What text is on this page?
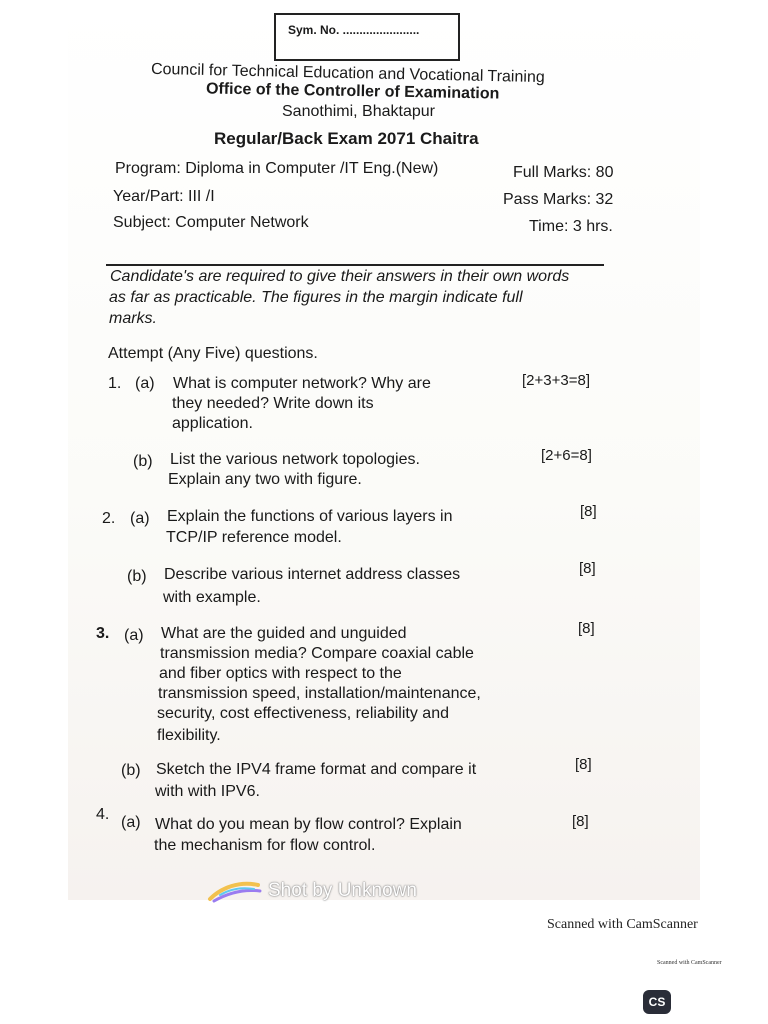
Sym. No. .......................
Council for Technical Education and Vocational Training
Office of the Controller of Examination
Sanothimi, Bhaktapur
Regular/Back Exam 2071 Chaitra
Program: Diploma in Computer /IT Eng.(New)	Full Marks: 80
Year/Part: III /I	Pass Marks: 32
Subject: Computer Network	Time: 3 hrs.
Candidate's are required to give their answers in their own words
as far as practicable. The figures in the margin indicate full
marks.
Attempt (Any Five) questions.
1. (a) What is computer network? Why are
they needed? Write down its
application.
[2+3+3=8]
(b) List the various network topologies.
Explain any two with figure.
[2+6=8]
2. (a) Explain the functions of various layers in
TCP/IP reference model.
[8]
(b) Describe various internet address classes
with example.
[8]
3. (a) What are the guided and unguided
transmission media? Compare coaxial cable
and fiber optics with respect to the
transmission speed, installation/maintenance,
security, cost effectiveness, reliability and
flexibility.
[8]
(b) Sketch the IPV4 frame format and compare it
with with IPV6.
[8]
4. (a) What do you mean by flow control? Explain
the mechanism for flow control.
[8]
Shot by Unknown
Scanned with CamScanner
Scanned with CamScanner
CS
